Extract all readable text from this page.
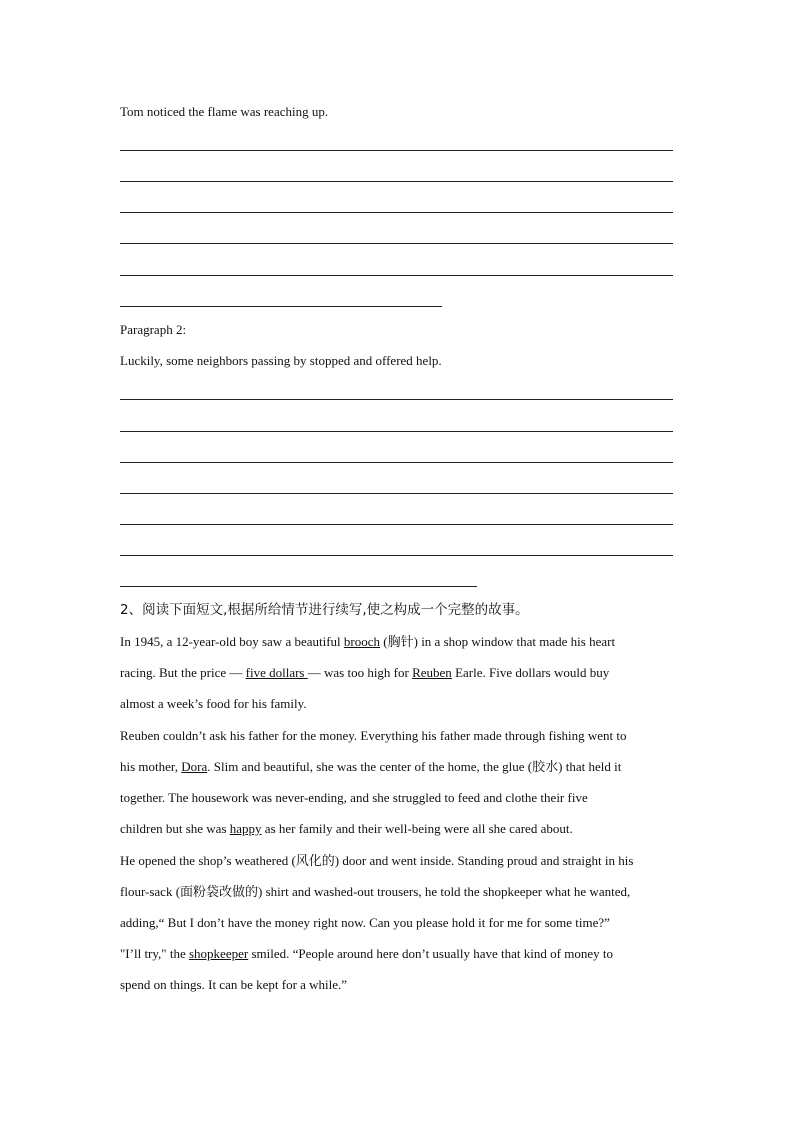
Tom noticed the flame was reaching up.
Paragraph 2:
Luckily, some neighbors passing by stopped and offered help.
2、阅读下面短文,根据所给情节进行续写,使之构成一个完整的故事。
In 1945, a 12-year-old boy saw a beautiful brooch (胸针) in a shop window that made his heart
racing. But the price — five dollars — was too high for Reuben Earle. Five dollars would buy
almost a week’s food for his family.
Reuben couldn’t ask his father for the money. Everything his father made through fishing went to
his mother, Dora. Slim and beautiful, she was the center of the home, the glue (胶水) that held it
together. The housework was never-ending, and she struggled to feed and clothe their five
children but she was happy as her family and their well-being were all she cared about.
He opened the shop’s weathered (风化的) door and went inside. Standing proud and straight in his
flour-sack (面粉袋改做的) shirt and washed-out trousers, he told the shopkeeper what he wanted,
adding,“ But I don’t have the money right now. Can you please hold it for me for some time?”
"I’ll try," the shopkeeper smiled. “People around here don’t usually have that kind of money to
spend on things. It can be kept for a while.”
